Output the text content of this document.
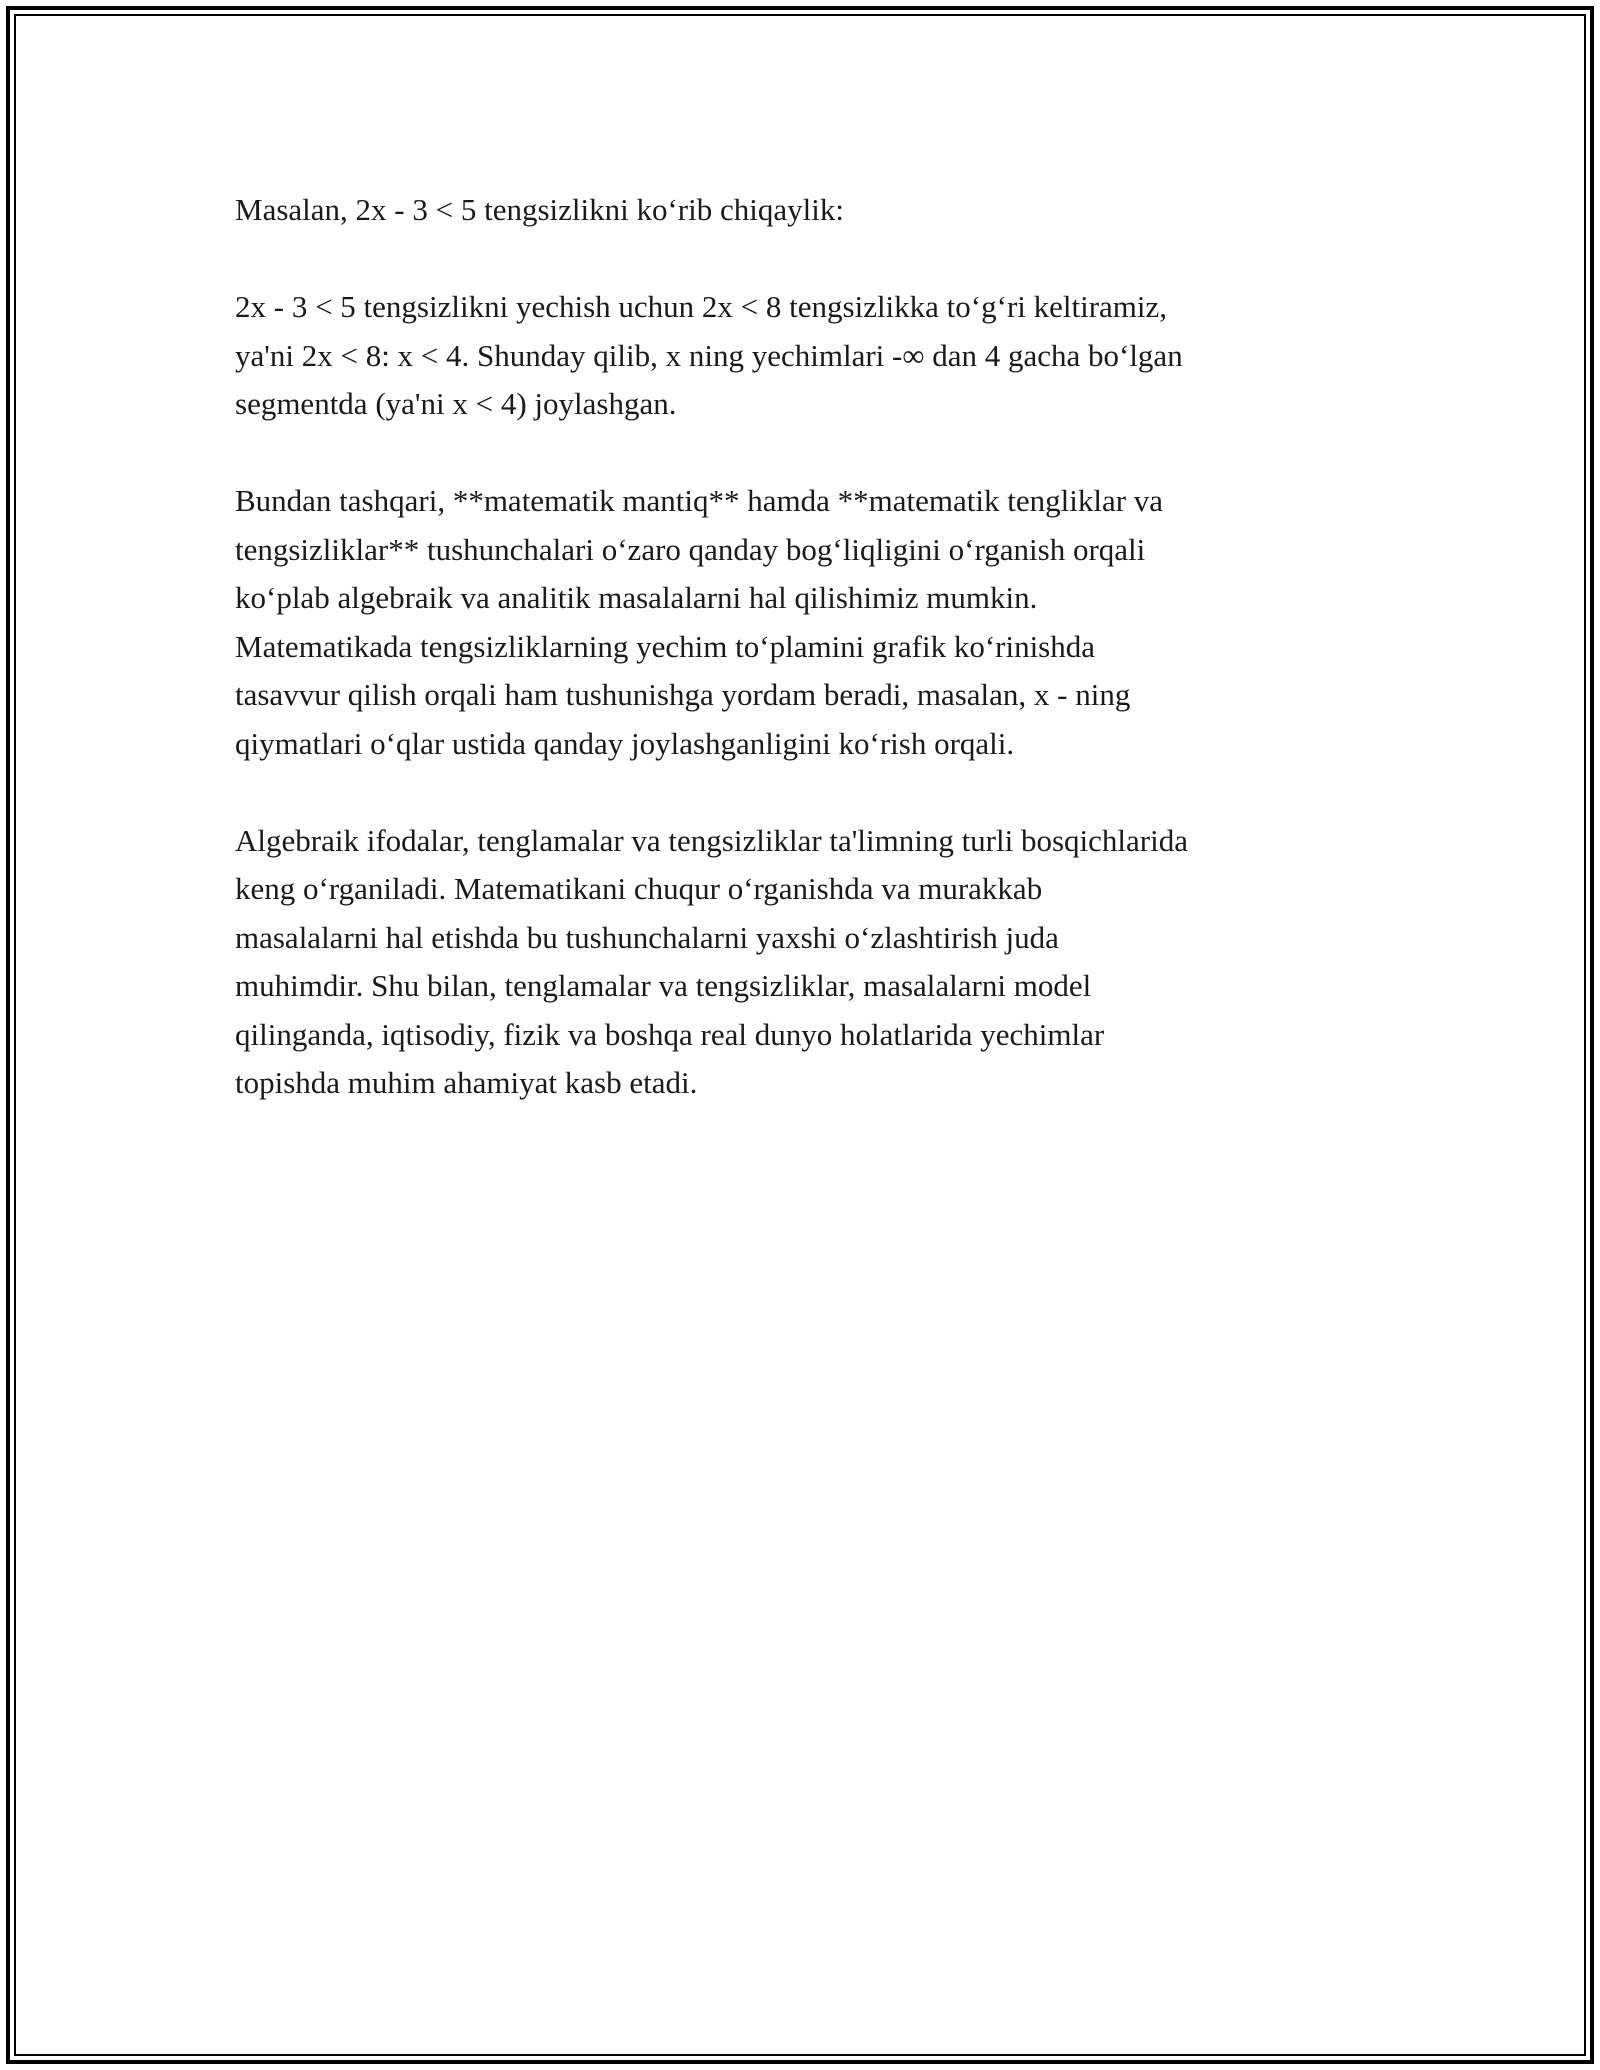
Masalan, 2x - 3 < 5 tengsizlikni ko‘rib chiqaylik:

2x - 3 < 5 tengsizlikni yechish uchun 2x < 8 tengsizlikka to‘g‘ri keltiramiz,
ya'ni 2x < 8: x < 4. Shunday qilib, x ning yechimlari -∞ dan 4 gacha bo‘lgan
segmentda (ya'ni x < 4) joylashgan.

Bundan tashqari, **matematik mantiq** hamda **matematik tengliklar va
tengsizliklar** tushunchalari o‘zaro qanday bog‘liqligini o‘rganish orqali
ko‘plab algebraik va analitik masalalarni hal qilishimiz mumkin.
Matematikada tengsizliklarning yechim to‘plamini grafik ko‘rinishda
tasavvur qilish orqali ham tushunishga yordam beradi, masalan, x - ning
qiymatlari o‘qlar ustida qanday joylashganligini ko‘rish orqali.

Algebraik ifodalar, tenglamalar va tengsizliklar ta'limning turli bosqichlarida
keng o‘rganiladi. Matematikani chuqur o‘rganishda va murakkab
masalalarni hal etishda bu tushunchalarni yaxshi o‘zlashtirish juda
muhimdir. Shu bilan, tenglamalar va tengsizliklar, masalalarni model
qilinganda, iqtisodiy, fizik va boshqa real dunyo holatlarida yechimlar
topishda muhim ahamiyat kasb etadi.
